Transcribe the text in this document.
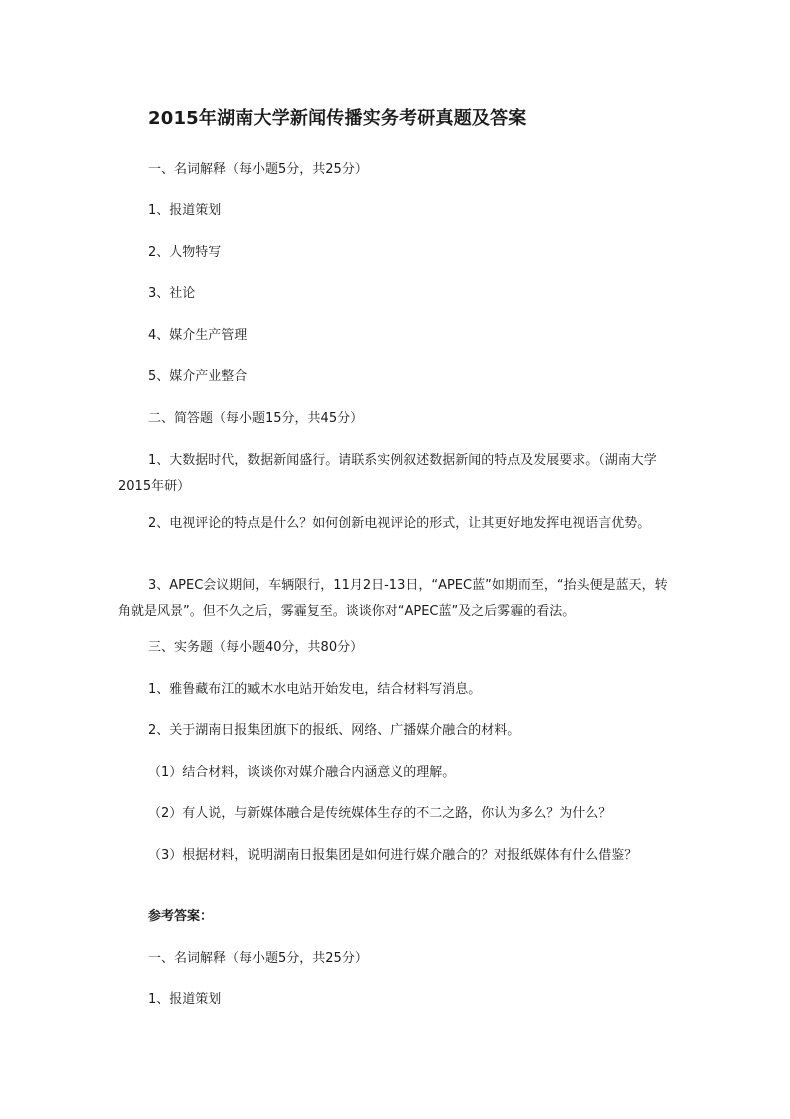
2015年湖南大学新闻传播实务考研真题及答案
一、名词解释（每小题5分，共25分）
1、报道策划
2、人物特写
3、社论
4、媒介生产管理
5、媒介产业整合
二、简答题（每小题15分，共45分）
1、大数据时代，数据新闻盛行。请联系实例叙述数据新闻的特点及发展要求。（湖南大学2015年研）
2、电视评论的特点是什么？如何创新电视评论的形式，让其更好地发挥电视语言优势。
3、APEC会议期间，车辆限行，11月2日-13日，“APEC蓝”如期而至，“抬头便是蓝天，转角就是风景”。但不久之后，雾霾复至。谈谈你对“APEC蓝”及之后雾霾的看法。
三、实务题（每小题40分，共80分）
1、雅鲁藏布江的臧木水电站开始发电，结合材料写消息。
2、关于湖南日报集团旗下的报纸、网络、广播媒介融合的材料。
（1）结合材料，谈谈你对媒介融合内涵意义的理解。
（2）有人说，与新媒体融合是传统媒体生存的不二之路，你认为多么？为什么？
（3）根据材料，说明湖南日报集团是如何进行媒介融合的？对报纸媒体有什么借鉴？
参考答案：
一、名词解释（每小题5分，共25分）
1、报道策划
